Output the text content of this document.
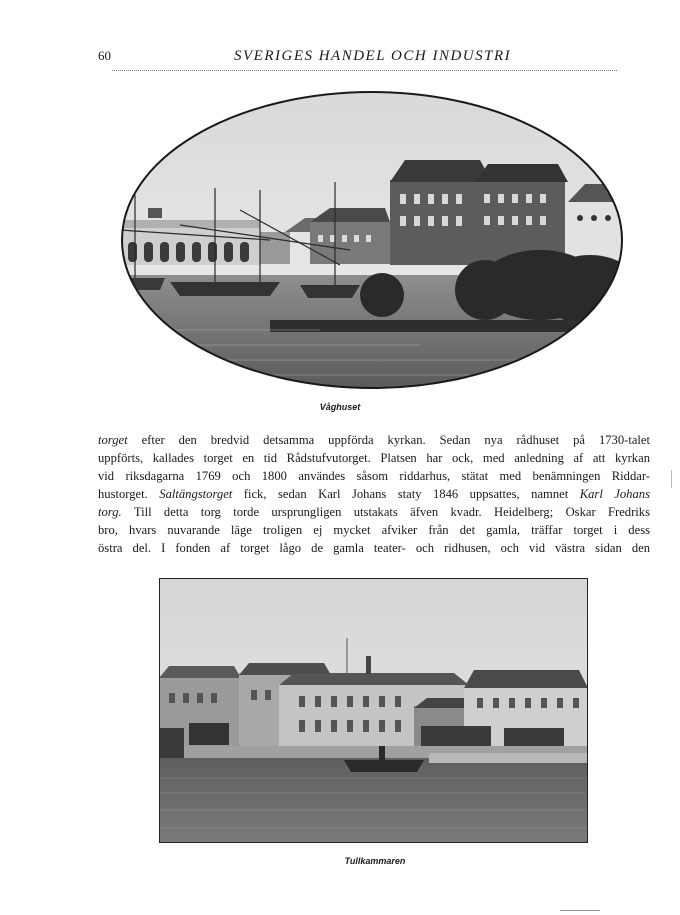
60	SVERIGES HANDEL OCH INDUSTRI
Våghuset
torget efter den bredvid detsamma uppförda kyrkan. Sedan nya rådhuset på 1730-talet
uppförts, kallades torget en tid Rådstufvutorget. Platsen har ock, med anledning af att kyrkan
vid riksdagarna 1769 och 1800 användes såsom riddarhus, stätat med benämningen Riddar-
hustorget. Saltängstorget fick, sedan Karl Johans staty 1846 uppsattes, namnet Karl Johans
torg. Till detta torg torde ursprungligen utstakats äfven kvadr. Heidelberg; Oskar Fredriks
bro, hvars nuvarande läge troligen ej mycket afviker från det gamla, träffar torget i dess
östra del. I fonden af torget lågo de gamla teater- och ridhusen, och vid västra sidan den
Tullkammaren
